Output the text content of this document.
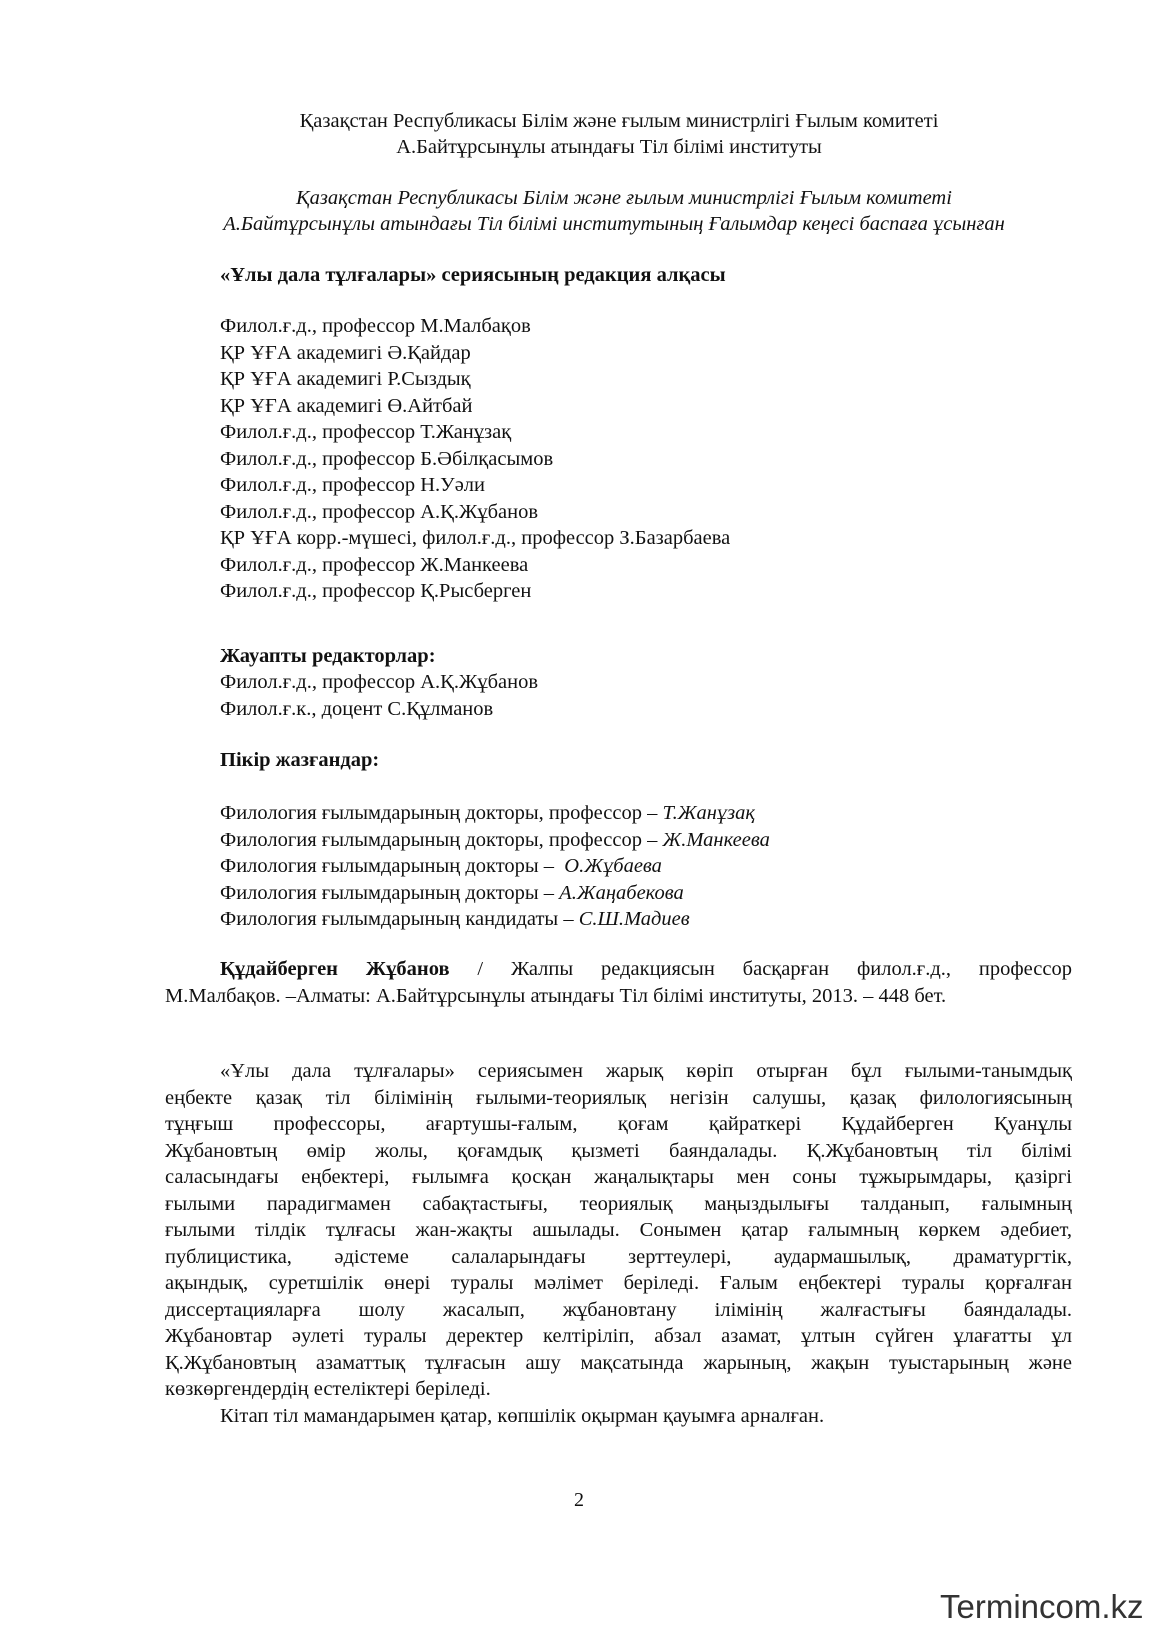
Қазақстан Республикасы Білім және ғылым министрлігі Ғылым комитеті
А.Байтұрсынұлы атындағы Тіл білімі институты
Қазақстан Республикасы Білім және ғылым министрлігі Ғылым комитеті
А.Байтұрсынұлы атындағы Тіл білімі институтының Ғалымдар кеңесі баспаға ұсынған
«Ұлы дала тұлғалары» сериясының редакция алқасы
Филол.ғ.д., профессор М.Малбақов
ҚР ҰҒА академигі Ә.Қайдар
ҚР ҰҒА академигі Р.Сыздық
ҚР ҰҒА академигі Ө.Айтбай
Филол.ғ.д., профессор Т.Жанұзақ
Филол.ғ.д., профессор Б.Әбілқасымов
Филол.ғ.д., профессор Н.Уәли
Филол.ғ.д., профессор А.Қ.Жұбанов
ҚР ҰҒА корр.-мүшесі, филол.ғ.д., профессор З.Базарбаева
Филол.ғ.д., профессор Ж.Манкеева
Филол.ғ.д., профессор Қ.Рысберген
Жауапты редакторлар:
Филол.ғ.д., профессор А.Қ.Жұбанов
Филол.ғ.к., доцент С.Құлманов
Пікір жазғандар:
Филология ғылымдарының докторы, профессор – Т.Жанұзақ
Филология ғылымдарының докторы, профессор – Ж.Манкеева
Филология ғылымдарының докторы –  О.Жұбаева
Филология ғылымдарының докторы – А.Жаңабекова
Филология ғылымдарының кандидаты – С.Ш.Мадиев
Құдайберген Жұбанов / Жалпы редакциясын басқарған филол.ғ.д., профессор
М.Малбақов. –Алматы: А.Байтұрсынұлы атындағы Тіл білімі институты, 2013. – 448 бет.
«Ұлы дала тұлғалары» сериясымен жарық көріп отырған бұл ғылыми-танымдық
еңбекте қазақ тіл білімінің ғылыми-теориялық негізін салушы, қазақ филологиясының
тұңғыш профессоры, ағартушы-ғалым, қоғам қайраткері Құдайберген Қуанұлы
Жұбановтың өмір жолы, қоғамдық қызметі баяндалады. Қ.Жұбановтың тіл білімі
саласындағы еңбектері, ғылымға қосқан жаңалықтары мен соны тұжырымдары, қазіргі
ғылыми парадигмамен сабақтастығы, теориялық маңыздылығы талданып, ғалымның
ғылыми тілдік тұлғасы жан-жақты ашылады. Сонымен қатар ғалымның көркем әдебиет,
публицистика, әдістеме салаларындағы зерттеулері, аудармашылық, драматургтік,
ақындық, суретшілік өнері туралы мәлімет беріледі. Ғалым еңбектері туралы қорғалған
диссертацияларға шолу жасалып, жұбановтану ілімінің жалғастығы баяндалады.
Жұбановтар әулеті туралы деректер келтіріліп, абзал азамат, ұлтын сүйген ұлағатты ұл
Қ.Жұбановтың азаматтық тұлғасын ашу мақсатында жарының, жақын туыстарының және
көзкөргендердің естеліктері беріледі.
Кітап тіл мамандарымен қатар, көпшілік оқырман қауымға арналған.
2
Termincom.kz
